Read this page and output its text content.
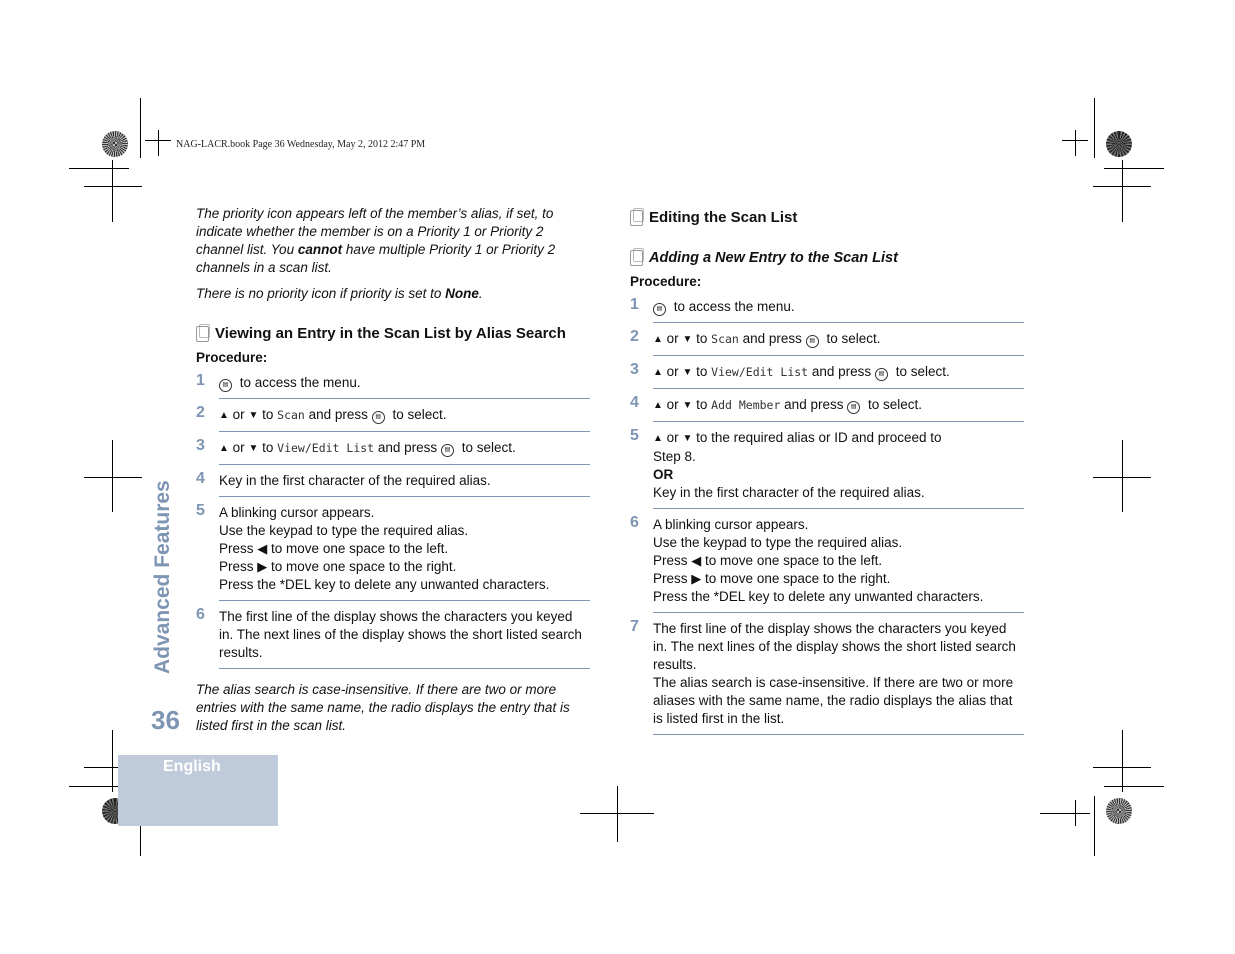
NAG-LACR.book Page 36 Wednesday, May 2, 2012 2:47 PM

The priority icon appears left of the member’s alias, if set, to indicate whether the member is on a Priority 1 or Priority 2 channel list. You cannot have multiple Priority 1 or Priority 2 channels in a scan list.

There is no priority icon if priority is set to None.

Viewing an Entry in the Scan List by Alias Search

Procedure:
1	▤ to access the menu.
2 ▲ or ▼ to Scan and press ▤ to select.
3 ▲ or ▼ to View/Edit List and press ▤ to select.
4 Key in the first character of the required alias.
5 A blinking cursor appears.
Use the keypad to type the required alias.
Press ◀ to move one space to the left.
Press ▶ to move one space to the right.
Press the *DEL key to delete any unwanted characters.
6 The first line of the display shows the characters you keyed in. The next lines of the display shows the short listed search results.

The alias search is case-insensitive. If there are two or more entries with the same name, the radio displays the entry that is listed first in the scan list.

Editing the Scan List

Adding a New Entry to the Scan List

Procedure:
1	▤ to access the menu.
2 ▲ or ▼ to Scan and press ▤ to select.
3 ▲ or ▼ to View/Edit List and press ▤ to select.
4 ▲ or ▼ to Add Member and press ▤ to select.
5 ▲ or ▼ to the required alias or ID and proceed to
Step 8.
OR
Key in the first character of the required alias.
6 A blinking cursor appears.
Use the keypad to type the required alias.
Press ◀ to move one space to the left.
Press ▶ to move one space to the right.
Press the *DEL key to delete any unwanted characters.
7 The first line of the display shows the characters you keyed in. The next lines of the display shows the short listed search results.
The alias search is case-insensitive. If there are two or more aliases with the same name, the radio displays the alias that is listed first in the list.
Advanced Features
36
English
